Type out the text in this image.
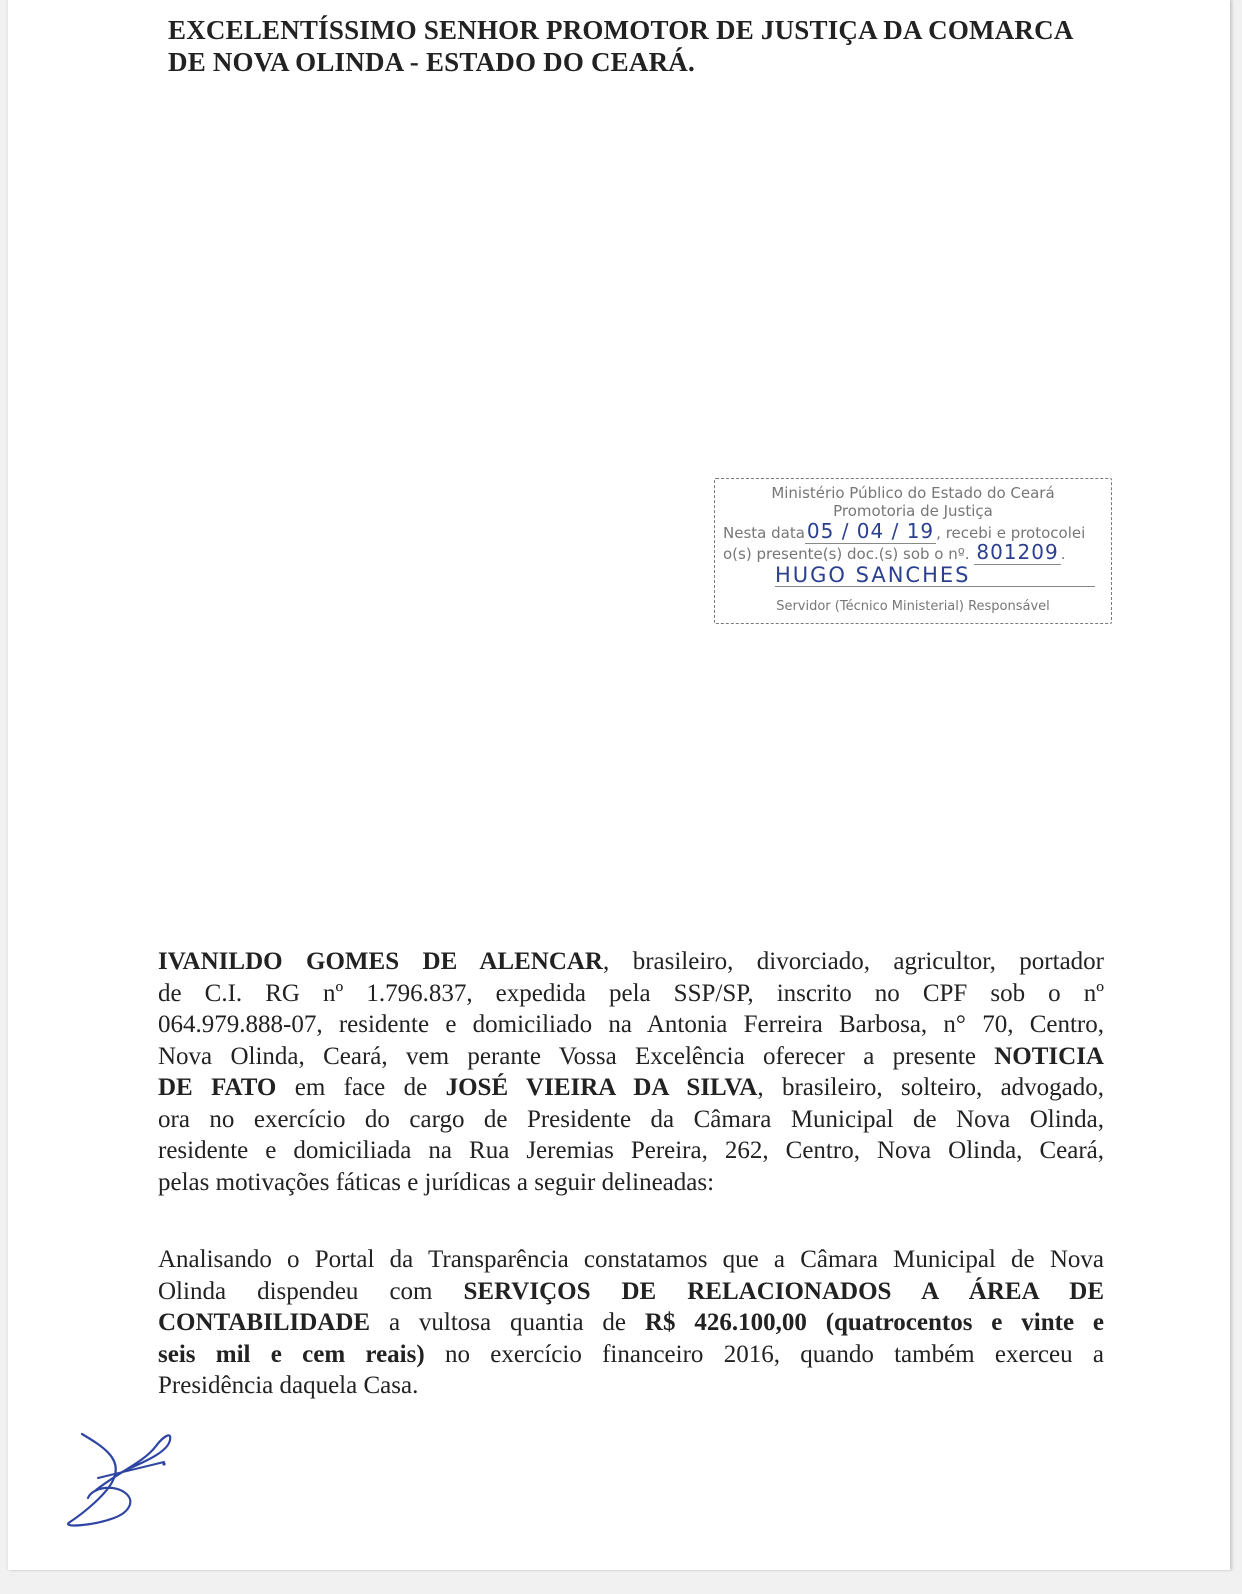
EXCELENTÍSSIMO SENHOR PROMOTOR DE JUSTIÇA DA COMARCA
DE NOVA OLINDA - ESTADO DO CEARÁ.
Ministério Público do Estado do Ceará
Promotoria de Justiça
Nesta data 05 / 04 / 19 , recebi e protocolei
o(s) presente(s) doc.(s) sob o nº. 801209 .
HUGO SANCHES
Servidor (Técnico Ministerial) Responsável
IVANILDO GOMES DE ALENCAR, brasileiro, divorciado, agricultor, portador
de C.I. RG nº 1.796.837, expedida pela SSP/SP, inscrito no CPF sob o nº
064.979.888-07, residente e domiciliado na Antonia Ferreira Barbosa, n° 70, Centro,
Nova Olinda, Ceará, vem perante Vossa Excelência oferecer a presente NOTICIA
DE FATO em face de JOSÉ VIEIRA DA SILVA, brasileiro, solteiro, advogado,
ora no exercício do cargo de Presidente da Câmara Municipal de Nova Olinda,
residente e domiciliada na Rua Jeremias Pereira, 262, Centro, Nova Olinda, Ceará,
pelas motivações fáticas e jurídicas a seguir delineadas:
Analisando o Portal da Transparência constatamos que a Câmara Municipal de Nova
Olinda dispendeu com SERVIÇOS DE RELACIONADOS A ÁREA DE
CONTABILIDADE a vultosa quantia de R$ 426.100,00 (quatrocentos e vinte e
seis mil e cem reais) no exercício financeiro 2016, quando também exerceu a
Presidência daquela Casa.
